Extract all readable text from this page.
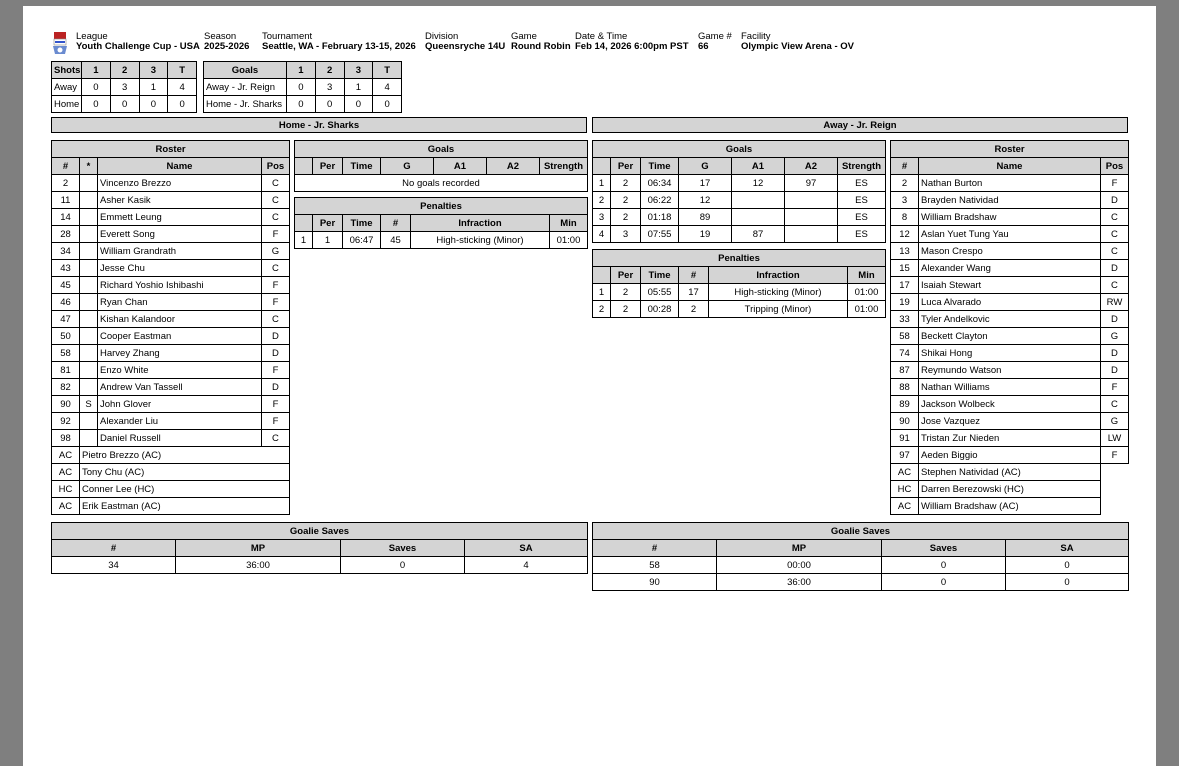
League
Youth Challenge Cup - USA
Season
2025-2026
Tournament
Seattle, WA - February 13-15, 2026
Division
Queensryche 14U
Game
Round Robin
Date & Time
Feb 14, 2026 6:00pm PST
Game #
66
Facility
Olympic View Arena - OV
Shots	1	2	3	T
Away	0	3	1	4
Home	0	0	0	0
Goals	1	2	3	T
Away - Jr. Reign	0	3	1	4
Home - Jr. Sharks	0	0	0	0
Home - Jr. Sharks	Away - Jr. Reign
Roster			
#	*	Name	Pos
2		Vincenzo Brezzo	C
11		Asher Kasik	C
14		Emmett Leung	C
28		Everett Song	F
34		William Grandrath	G
43		Jesse Chu	C
45		Richard Yoshio Ishibashi	F
46		Ryan Chan	F
47		Kishan Kalandoor	C
50		Cooper Eastman	D
58		Harvey Zhang	D
81		Enzo White	F
82		Andrew Van Tassell	D
90	S	John Glover	F
92		Alexander Liu	F
98		Daniel Russell	C
AC	Pietro Brezzo (AC)		
AC	Tony Chu (AC)		
HC	Conner Lee (HC)		
AC	Erik Eastman (AC)		
Goals
	Per	Time	G	A1	A2	Strength
No goals recorded
Penalties					
	Per	Time	#	Infraction	Min
1	1	06:47	45	High-sticking (Minor)	01:00
Goals						
	Per	Time	G	A1	A2	Strength
1	2	06:34	17	12	97	ES
2	2	06:22	12			ES
3	2	01:18	89			ES
4	3	07:55	19	87		ES
Penalties					
	Per	Time	#	Infraction	Min
1	2	05:55	17	High-sticking (Minor)	01:00
2	2	00:28	2	Tripping (Minor)	01:00
Roster		
#	Name	Pos
2	Nathan Burton	F
3	Brayden Natividad	D
8	William Bradshaw	C
12	Aslan Yuet Tung Yau	C
13	Mason Crespo	C
15	Alexander Wang	D
17	Isaiah Stewart	C
19	Luca Alvarado	RW
33	Tyler Andelkovic	D
58	Beckett Clayton	G
74	Shikai Hong	D
87	Reymundo Watson	D
88	Nathan Williams	F
89	Jackson Wolbeck	C
90	Jose Vazquez	G
91	Tristan Zur Nieden	LW
97	Aeden Biggio	F
AC	Stephen Natividad (AC)	
HC	Darren Berezowski (HC)	
AC	William Bradshaw (AC)	
Goalie Saves			
#	MP	Saves	SA
34	36:00	0	4
Goalie Saves			
#	MP	Saves	SA
58	00:00	0	0
90	36:00	0	0
